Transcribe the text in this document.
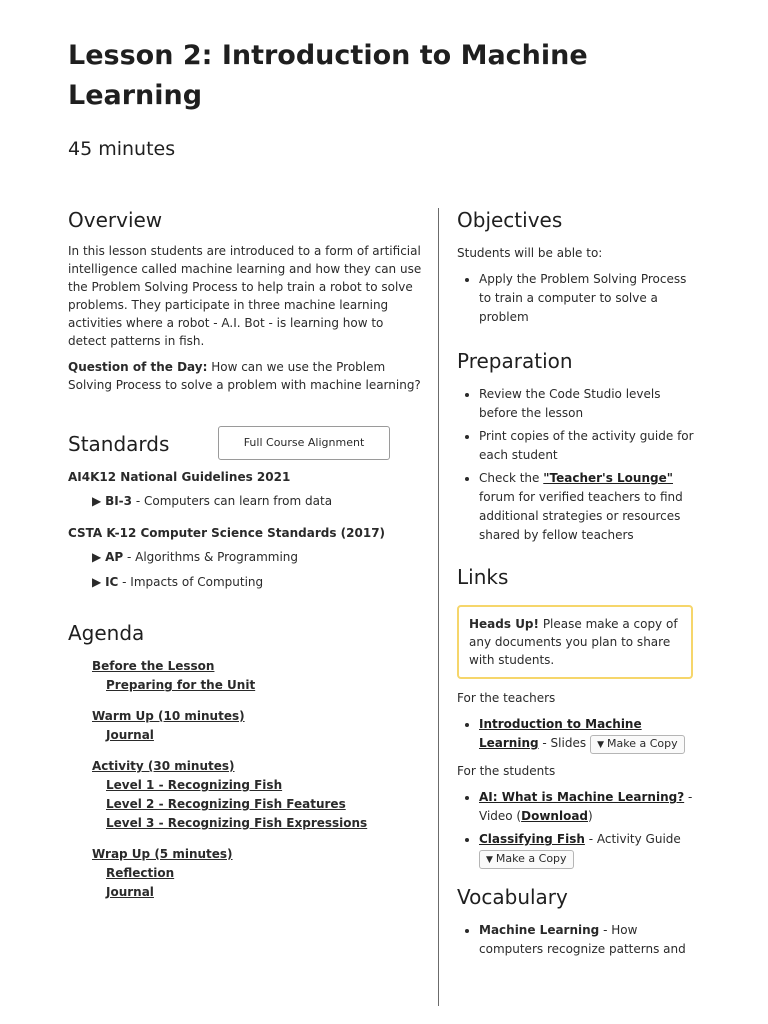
Lesson 2: Introduction to Machine Learning

45 minutes

Overview

In this lesson students are introduced to a form of artificial intelligence called machine learning and how they can use the Problem Solving Process to help train a robot to solve problems. They participate in three machine learning activities where a robot - A.I. Bot - is learning how to detect patterns in fish.

Question of the Day: How can we use the Problem Solving Process to solve a problem with machine learning?

Standards	Full Course Alignment

AI4K12 National Guidelines 2021

▶ BI-3 - Computers can learn from data

CSTA K-12 Computer Science Standards (2017)

▶ AP - Algorithms & Programming
▶ IC - Impacts of Computing
Agenda
Before the Lesson
Preparing for the Unit
Warm Up (10 minutes)
Journal
Activity (30 minutes)
Level 1 - Recognizing Fish
Level 2 - Recognizing Fish Features
Level 3 - Recognizing Fish Expressions
Wrap Up (5 minutes)
Reflection
Journal
Objectives

Students will be able to:

• Apply the Problem Solving Process to train a computer to solve a problem
Preparation
• Review the Code Studio levels before the lesson
• Print copies of the activity guide for each student
• Check the "Teacher's Lounge" forum for verified teachers to find additional strategies or resources shared by fellow teachers
Links
Heads Up! Please make a copy of any documents you plan to share with students.

For the teachers

• Introduction to Machine Learning - Slides ▼ Make a Copy

For the students

• AI: What is Machine Learning? - Video (Download)
• Classifying Fish - Activity Guide
▼ Make a Copy
Vocabulary
• Machine Learning - How computers recognize patterns and
